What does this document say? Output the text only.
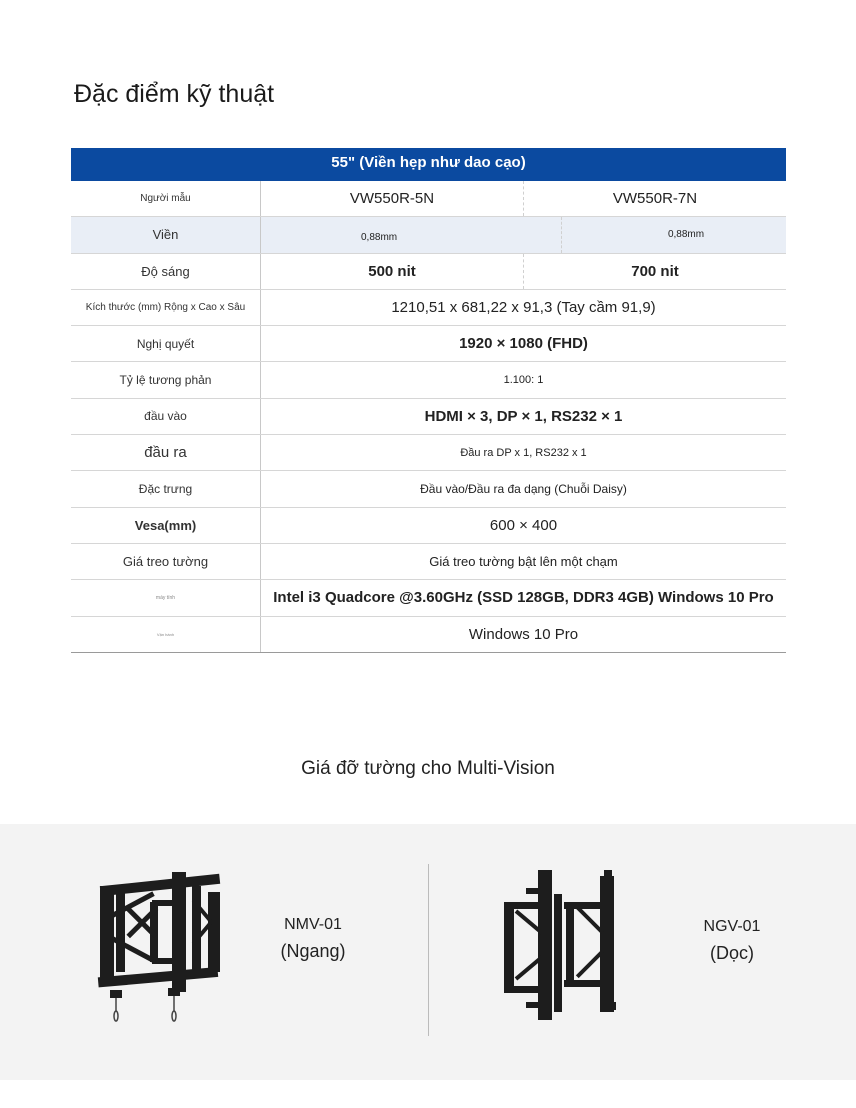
Đặc điểm kỹ thuật
55" (Viền hẹp như dao cạo)
Người mẫu	VW550R-5N	VW550R-7N
Viền	0,88mm	0,88mm
Độ sáng	500 nit	700 nit
Kích thước (mm) Rộng x Cao x Sâu	1210,51 x 681,22 x 91,3 (Tay cầm 91,9)
Nghị quyết	1920 × 1080 (FHD)
Tỷ lệ tương phản	1.100: 1
đầu vào	HDMI × 3, DP × 1, RS232 × 1
đầu ra	Đầu ra DP x 1, RS232 x 1
Đặc trưng	Đầu vào/Đầu ra đa dạng (Chuỗi Daisy)
Vesa(mm)	600 × 400
Giá treo tường	Giá treo tường bật lên một chạm
máy tính	Intel i3 Quadcore @3.60GHz (SSD 128GB, DDR3 4GB) Windows 10 Pro
Vận hành	Windows 10 Pro
Giá đỡ tường cho Multi-Vision
NMV-01
(Ngang)
NGV-01
(Dọc)
